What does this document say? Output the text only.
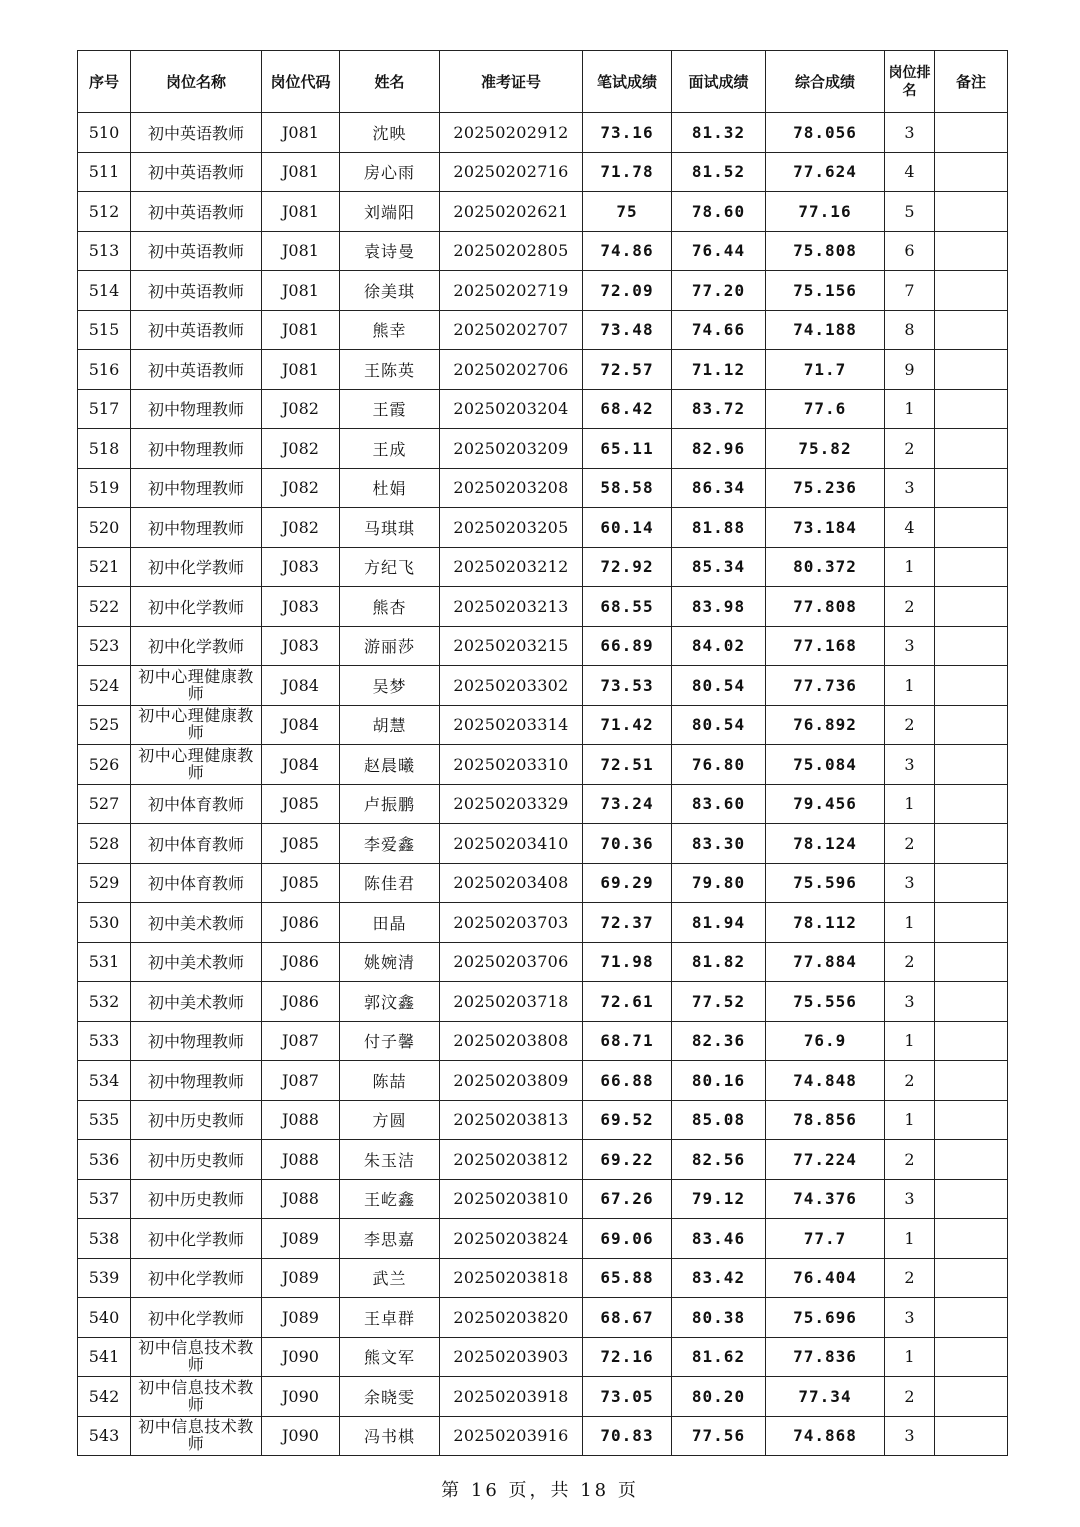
序号	岗位名称	岗位代码	姓名	准考证号	笔试成绩	面试成绩	综合成绩	岗位排名	备注
510	初中英语教师	J081	沈映	20250202912	73.16	81.32	78.056	3	
511	初中英语教师	J081	房心雨	20250202716	71.78	81.52	77.624	4	
512	初中英语教师	J081	刘端阳	20250202621	75	78.60	77.16	5	
513	初中英语教师	J081	袁诗曼	20250202805	74.86	76.44	75.808	6	
514	初中英语教师	J081	徐美琪	20250202719	72.09	77.20	75.156	7	
515	初中英语教师	J081	熊幸	20250202707	73.48	74.66	74.188	8	
516	初中英语教师	J081	王陈英	20250202706	72.57	71.12	71.7	9	
517	初中物理教师	J082	王霞	20250203204	68.42	83.72	77.6	1	
518	初中物理教师	J082	王成	20250203209	65.11	82.96	75.82	2	
519	初中物理教师	J082	杜娟	20250203208	58.58	86.34	75.236	3	
520	初中物理教师	J082	马琪琪	20250203205	60.14	81.88	73.184	4	
521	初中化学教师	J083	方纪飞	20250203212	72.92	85.34	80.372	1	
522	初中化学教师	J083	熊杏	20250203213	68.55	83.98	77.808	2	
523	初中化学教师	J083	游丽莎	20250203215	66.89	84.02	77.168	3	
524	初中心理健康教师	J084	吴梦	20250203302	73.53	80.54	77.736	1	
525	初中心理健康教师	J084	胡慧	20250203314	71.42	80.54	76.892	2	
526	初中心理健康教师	J084	赵晨曦	20250203310	72.51	76.80	75.084	3	
527	初中体育教师	J085	卢振鹏	20250203329	73.24	83.60	79.456	1	
528	初中体育教师	J085	李爱鑫	20250203410	70.36	83.30	78.124	2	
529	初中体育教师	J085	陈佳君	20250203408	69.29	79.80	75.596	3	
530	初中美术教师	J086	田晶	20250203703	72.37	81.94	78.112	1	
531	初中美术教师	J086	姚婉清	20250203706	71.98	81.82	77.884	2	
532	初中美术教师	J086	郭汶鑫	20250203718	72.61	77.52	75.556	3	
533	初中物理教师	J087	付子馨	20250203808	68.71	82.36	76.9	1	
534	初中物理教师	J087	陈喆	20250203809	66.88	80.16	74.848	2	
535	初中历史教师	J088	方圆	20250203813	69.52	85.08	78.856	1	
536	初中历史教师	J088	朱玉洁	20250203812	69.22	82.56	77.224	2	
537	初中历史教师	J088	王屹鑫	20250203810	67.26	79.12	74.376	3	
538	初中化学教师	J089	李思嘉	20250203824	69.06	83.46	77.7	1	
539	初中化学教师	J089	武兰	20250203818	65.88	83.42	76.404	2	
540	初中化学教师	J089	王卓群	20250203820	68.67	80.38	75.696	3	
541	初中信息技术教师	J090	熊文军	20250203903	72.16	81.62	77.836	1	
542	初中信息技术教师	J090	余晓雯	20250203918	73.05	80.20	77.34	2	
543	初中信息技术教师	J090	冯书棋	20250203916	70.83	77.56	74.868	3	
第 16 页，共 18 页
